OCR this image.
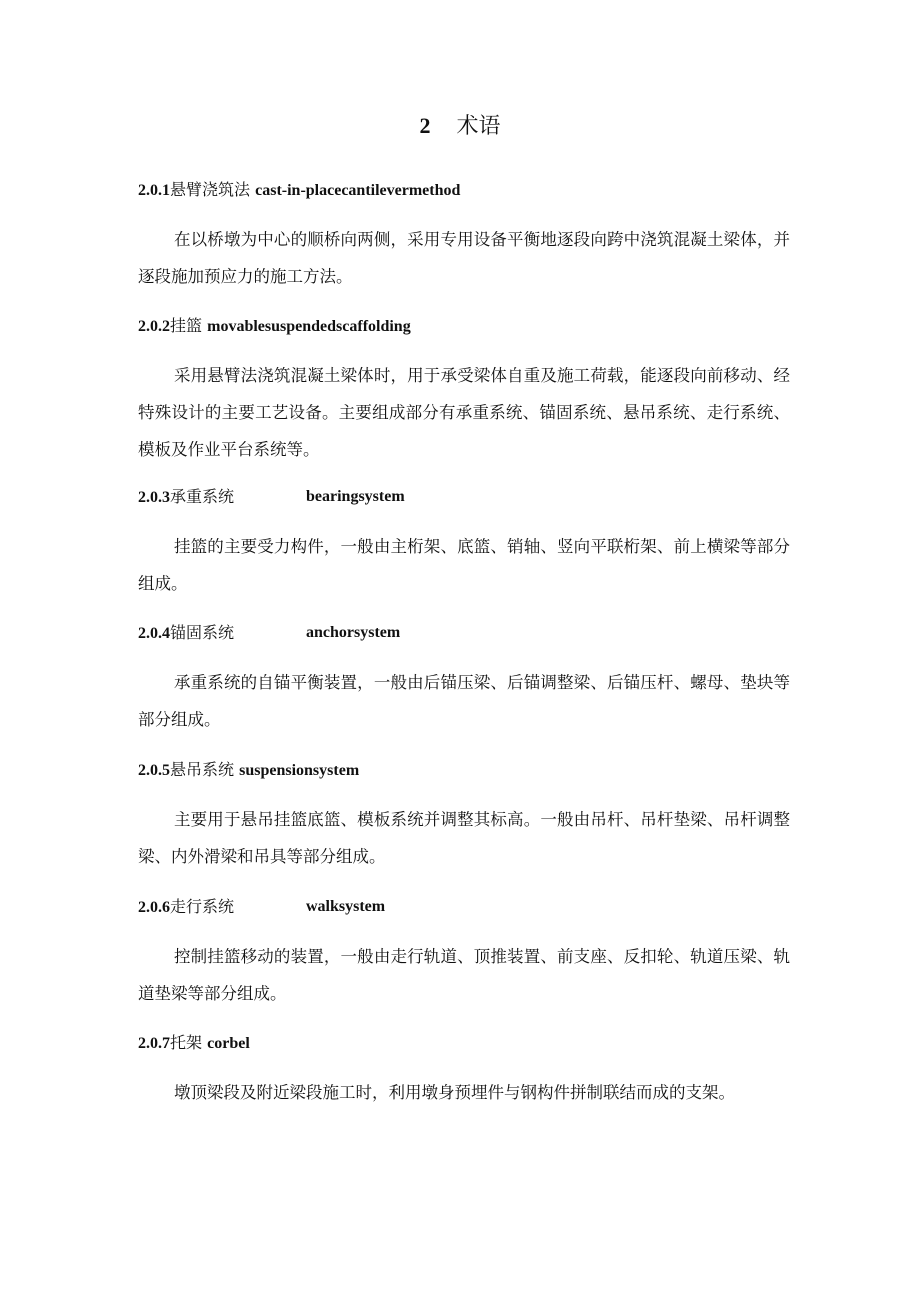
2 术语
2.0.1悬臂浇筑法 cast-in-placecantilevermethod

在以桥墩为中心的顺桥向两侧，采用专用设备平衡地逐段向跨中浇筑混凝土梁体，并逐段施加预应力的施工方法。

2.0.2挂篮 movablesuspendedscaffolding

采用悬臂法浇筑混凝土梁体时，用于承受梁体自重及施工荷载，能逐段向前移动、经特殊设计的主要工艺设备。主要组成部分有承重系统、锚固系统、悬吊系统、走行系统、模板及作业平台系统等。

2.0.3承重系统	bearingsystem

挂篮的主要受力构件，一般由主桁架、底篮、销轴、竖向平联桁架、前上横梁等部分组成。

2.0.4锚固系统	anchorsystem

承重系统的自锚平衡装置，一般由后锚压梁、后锚调整梁、后锚压杆、螺母、垫块等部分组成。

2.0.5悬吊系统 suspensionsystem

主要用于悬吊挂篮底篮、模板系统并调整其标高。一般由吊杆、吊杆垫梁、吊杆调整梁、内外滑梁和吊具等部分组成。

2.0.6走行系统	walksystem

控制挂篮移动的装置，一般由走行轨道、顶推装置、前支座、反扣轮、轨道压梁、轨道垫梁等部分组成。

2.0.7托架 corbel

墩顶梁段及附近梁段施工时，利用墩身预埋件与钢构件拼制联结而成的支架。
